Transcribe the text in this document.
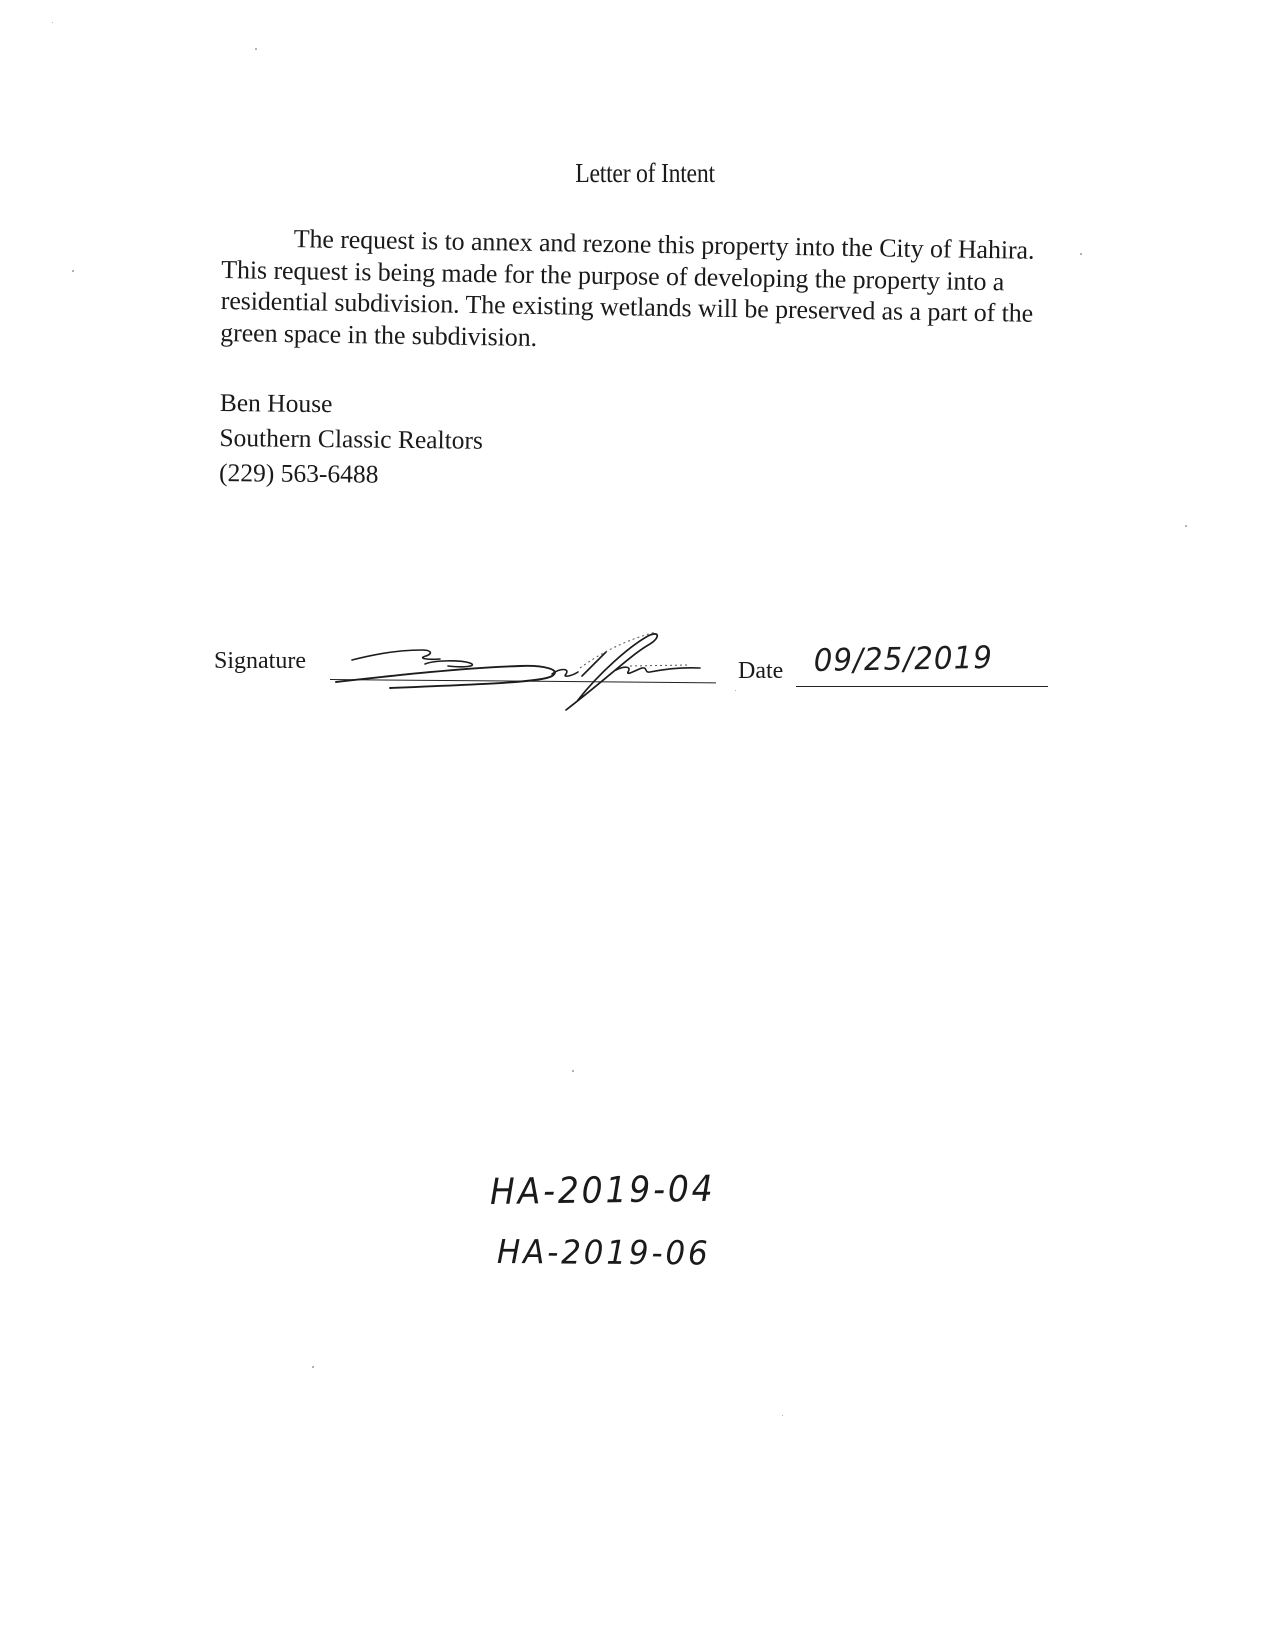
Letter of Intent

The request is to annex and rezone this property into the City of Hahira. This request is being made for the purpose of developing the property into a residential subdivision. The existing wetlands will be preserved as a part of the green space in the subdivision.

Ben House
Southern Classic Realtors
(229) 563-6488
Signature	Date 09/25/2019
HA-2019-04
HA-2019-06
